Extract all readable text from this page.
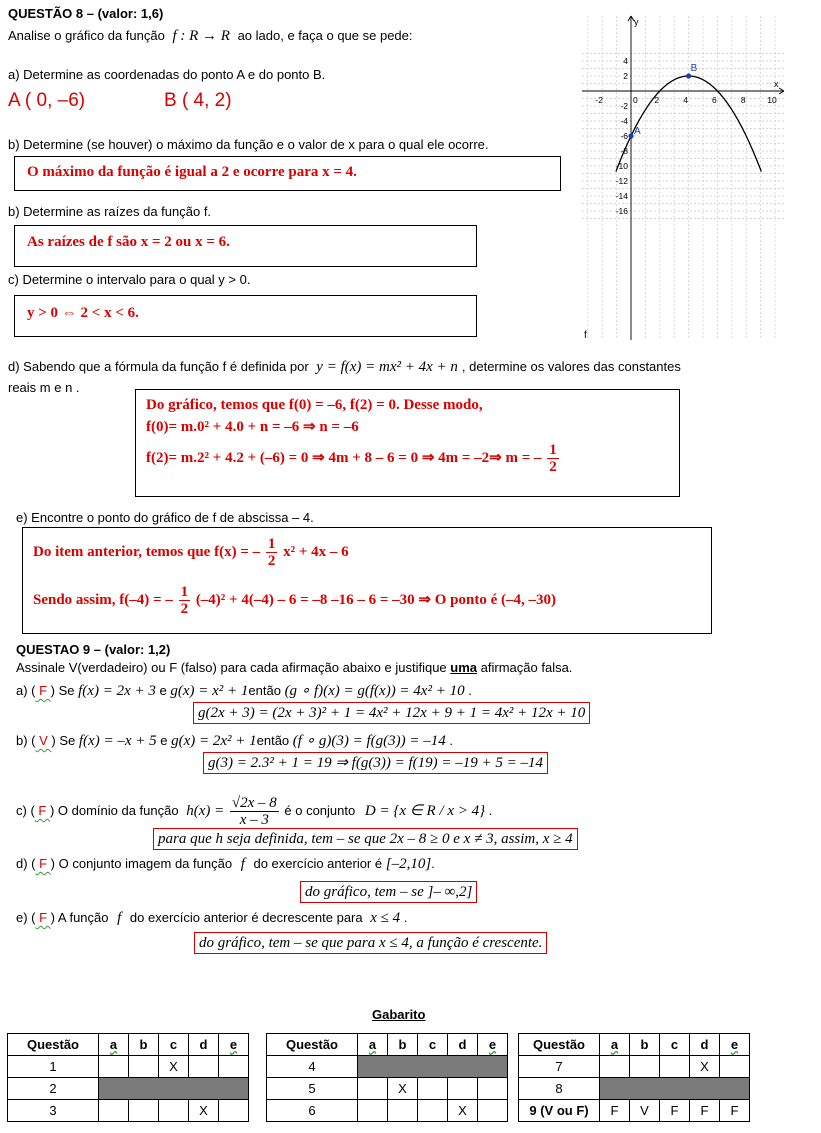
QUESTÃO 8 – (valor: 1,6)
Analise o gráfico da função f : R → R ao lado, e faça o que se pede:
a) Determine as coordenadas do ponto A e do ponto B.
A ( 0, –6)	B ( 4, 2)
b) Determine (se houver) o máximo da função e o valor de x para o qual ele ocorre.
O máximo da função é igual a 2 e ocorre para x = 4.
b) Determine as raízes da função f.
As raízes de f são x = 2 ou x = 6.
c) Determine o intervalo para o qual y > 0.
y > 0 ⇔ 2 < x < 6.
-2	0 2	4	6	8	10
4
2
-2
-4
-6
-8
-10
-12
-14
-16
A
B
f
x
y
d) Sabendo que a fórmula da função f é definida por y = f(x) = mx² + 4x + n , determine os valores das constantes
reais m e n .
Do gráfico, temos que f(0) = –6, f(2) = 0. Desse modo,
f(0)= m.0² + 4.0 + n = –6 ⇒ n = –6
f(2)= m.2² + 4.2 + (–6) = 0 ⇒ 4m + 8 – 6 = 0 ⇒ 4m = –2⇒ m = – $\frac{1}{2}$
e) Encontre o ponto do gráfico de f de abscissa – 4.
Do item anterior, temos que f(x) = – $\frac{1}{2} x^2 + 4x - 6$
Sendo assim, f(–4) = – $\frac{1}{2} (-4)^2 + 4(-4) - 6 = -8$ –16 – 6 = –30 ⇒ O ponto é (–4, –30)
QUESTAO 9 – (valor: 1,2)
Assinale V(verdadeiro) ou F (falso) para cada afirmação abaixo e justifique uma afirmação falsa.
a) ( F ) Se f(x) = 2x + 3 e g(x) = x² + 1então (g ∘ f)(x) = g(f(x)) = 4x² + 10 .
g(2x + 3) = (2x + 3)² + 1 = 4x² + 12x + 9 + 1 = 4x² + 12x + 10
b) ( V ) Se f(x) = –x + 5 e g(x) = 2x² + 1então (f ∘ g)(3) = f(g(3)) = –14 .
g(3) = 2.3² + 1 = 19 ⇒ f(g(3)) = f(19) = –19 + 5 = –14
c) ( F ) O domínio da função $h(x) = \frac{√2x - 8}{x - 3}$ é o conjunto D = {x ∈ R / x > 4} .
para que h seja definida, tem – se que 2x – 8 ≥ 0 e x ≠ 3, assim, x ≥ 4
d) ( F ) O conjunto imagem da função f do exercício anterior é [–2,10].
do gráfico, tem – se ]– ∞,2]
e) ( F ) A função f do exercício anterior é decrescente para x ≤ 4 .
do gráfico, tem – se que para x ≤ 4, a função é crescente.
Gabarito
Questão	a	b	c	d	e
1			X		
2					
3				X	
Questão	a	b	c	d	e
4					
5		X			
6				X	
Questão	a	b	c	d	e
7				X	
8					
9 (V ou F)	F	V	F	F	F
